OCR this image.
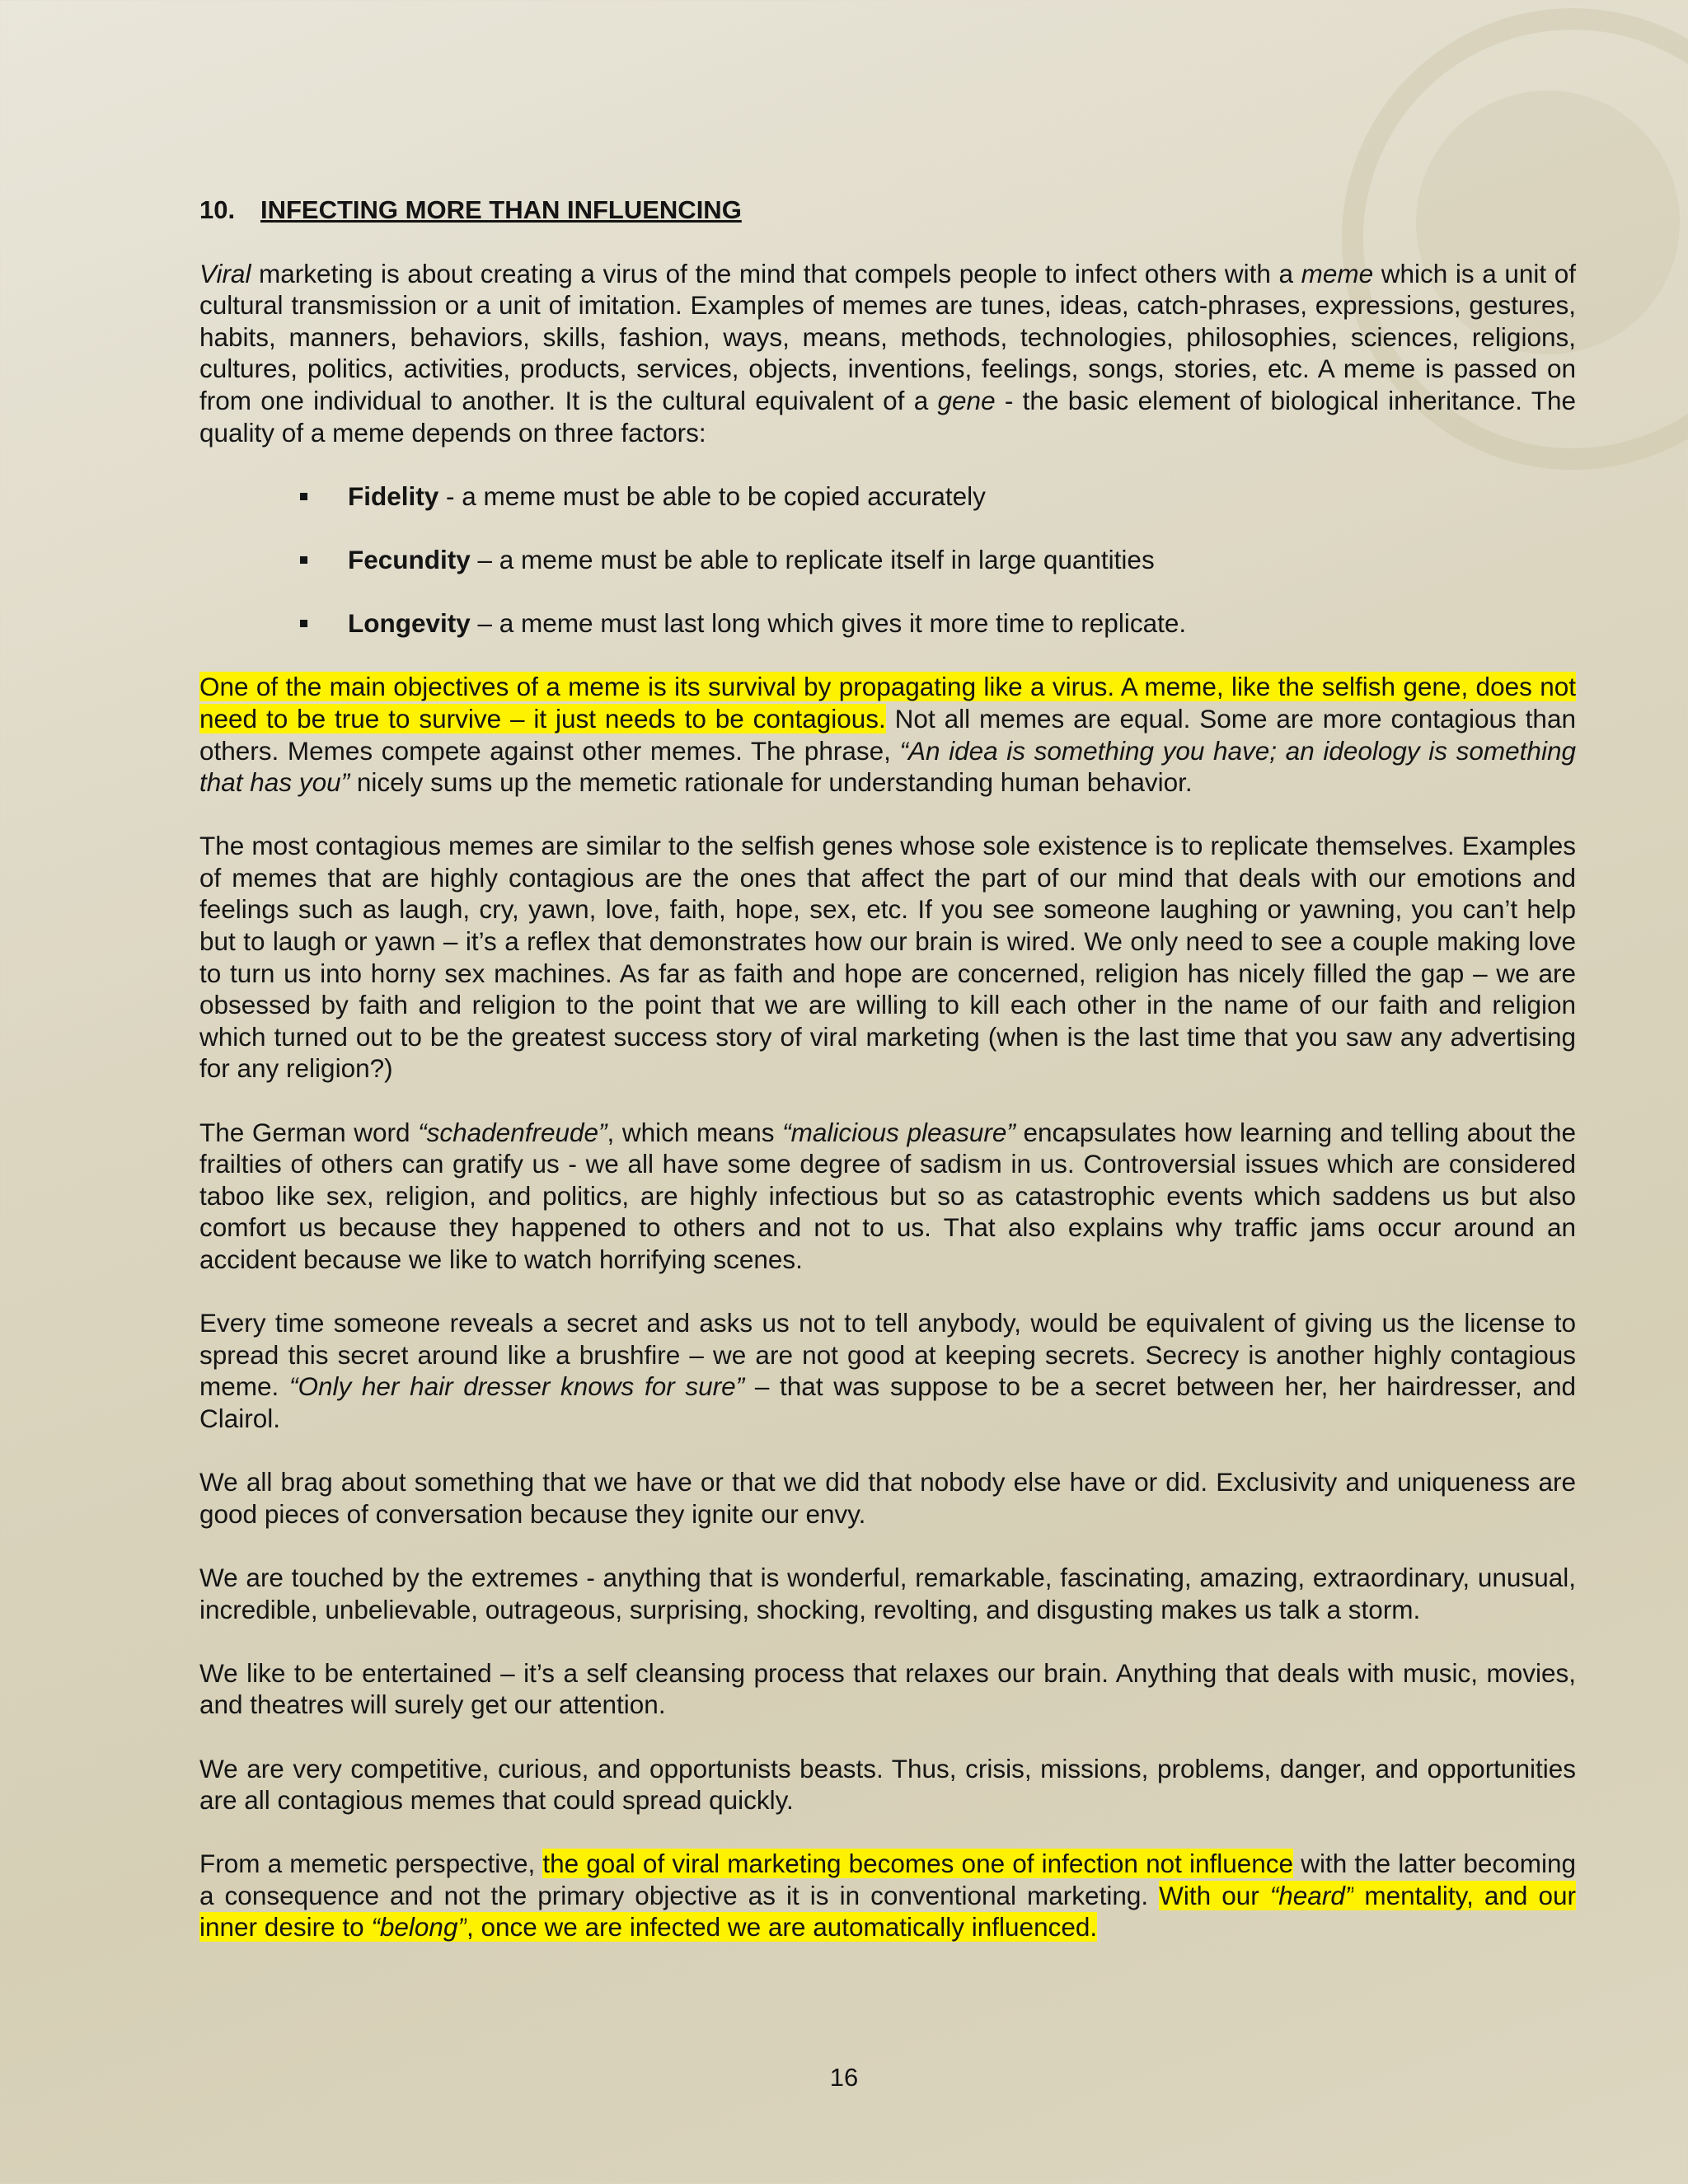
10. INFECTING MORE THAN INFLUENCING

Viral marketing is about creating a virus of the mind that compels people to infect others with a meme which is a unit of cultural transmission or a unit of imitation. Examples of memes are tunes, ideas, catch-phrases, expressions, gestures, habits, manners, behaviors, skills, fashion, ways, means, methods, technologies, philosophies, sciences, religions, cultures, politics, activities, products, services, objects, inventions, feelings, songs, stories, etc. A meme is passed on from one individual to another. It is the cultural equivalent of a gene - the basic element of biological inheritance. The quality of a meme depends on three factors:

Fidelity - a meme must be able to be copied accurately
Fecundity – a meme must be able to replicate itself in large quantities
Longevity – a meme must last long which gives it more time to replicate.

One of the main objectives of a meme is its survival by propagating like a virus. A meme, like the selfish gene, does not need to be true to survive – it just needs to be contagious. Not all memes are equal. Some are more contagious than others. Memes compete against other memes. The phrase, “An idea is something you have; an ideology is something that has you” nicely sums up the memetic rationale for understanding human behavior.

The most contagious memes are similar to the selfish genes whose sole existence is to replicate themselves. Examples of memes that are highly contagious are the ones that affect the part of our mind that deals with our emotions and feelings such as laugh, cry, yawn, love, faith, hope, sex, etc. If you see someone laughing or yawning, you can’t help but to laugh or yawn – it’s a reflex that demonstrates how our brain is wired. We only need to see a couple making love to turn us into horny sex machines. As far as faith and hope are concerned, religion has nicely filled the gap – we are obsessed by faith and religion to the point that we are willing to kill each other in the name of our faith and religion which turned out to be the greatest success story of viral marketing (when is the last time that you saw any advertising for any religion?)

The German word “schadenfreude”, which means “malicious pleasure” encapsulates how learning and telling about the frailties of others can gratify us - we all have some degree of sadism in us. Controversial issues which are considered taboo like sex, religion, and politics, are highly infectious but so as catastrophic events which saddens us but also comfort us because they happened to others and not to us. That also explains why traffic jams occur around an accident because we like to watch horrifying scenes.

Every time someone reveals a secret and asks us not to tell anybody, would be equivalent of giving us the license to spread this secret around like a brushfire – we are not good at keeping secrets. Secrecy is another highly contagious meme. “Only her hair dresser knows for sure” – that was suppose to be a secret between her, her hairdresser, and Clairol.

We all brag about something that we have or that we did that nobody else have or did. Exclusivity and uniqueness are good pieces of conversation because they ignite our envy.

We are touched by the extremes - anything that is wonderful, remarkable, fascinating, amazing, extraordinary, unusual, incredible, unbelievable, outrageous, surprising, shocking, revolting, and disgusting makes us talk a storm.

We like to be entertained – it’s a self cleansing process that relaxes our brain. Anything that deals with music, movies, and theatres will surely get our attention.

We are very competitive, curious, and opportunists beasts. Thus, crisis, missions, problems, danger, and opportunities are all contagious memes that could spread quickly.

From a memetic perspective, the goal of viral marketing becomes one of infection not influence with the latter becoming a consequence and not the primary objective as it is in conventional marketing. With our “heard” mentality, and our inner desire to “belong”, once we are infected we are automatically influenced.

16
